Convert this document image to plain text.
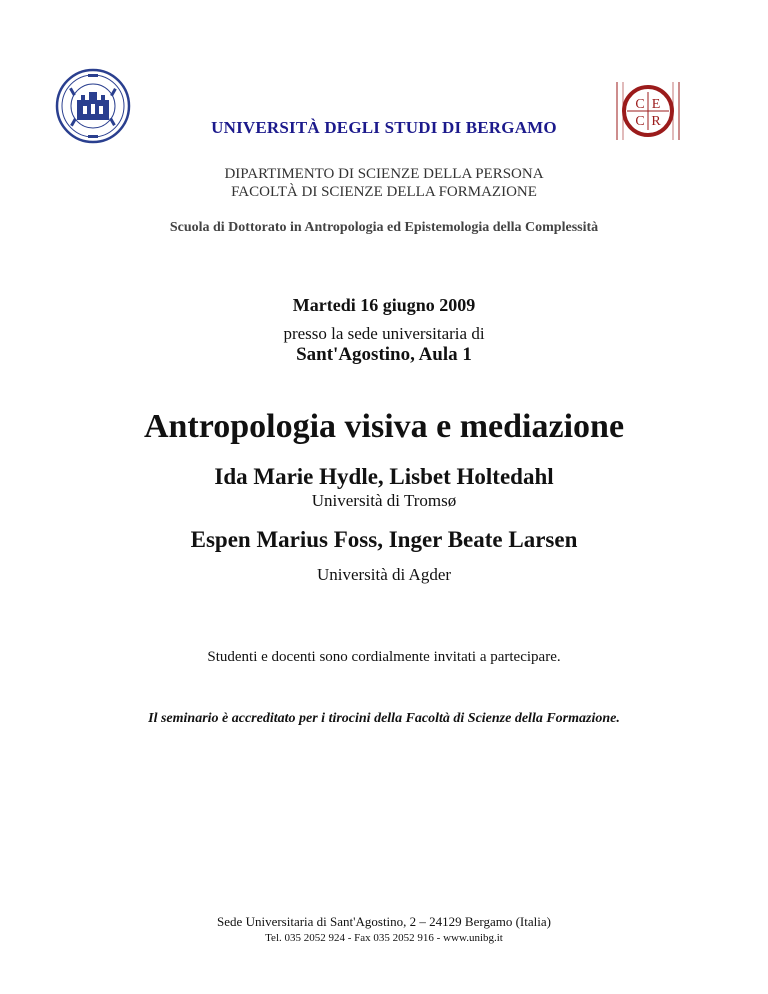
C E
C R
UNIVERSITÀ DEGLI STUDI DI BERGAMO
DIPARTIMENTO DI SCIENZE DELLA PERSONA
FACOLTÀ DI SCIENZE DELLA FORMAZIONE
Scuola di Dottorato in Antropologia ed Epistemologia della Complessità
Martedi 16 giugno 2009
presso la sede universitaria di
Sant'Agostino, Aula 1
Antropologia visiva e mediazione
Ida Marie Hydle, Lisbet Holtedahl
Università di Tromsø
Espen Marius Foss, Inger Beate Larsen
Università di Agder
Studenti e docenti sono cordialmente invitati a partecipare.
Il seminario è accreditato per i tirocini della Facoltà di Scienze della Formazione.
Sede Universitaria di Sant'Agostino, 2 – 24129 Bergamo (Italia)
Tel. 035 2052 924 - Fax 035 2052 916 - www.unibg.it
